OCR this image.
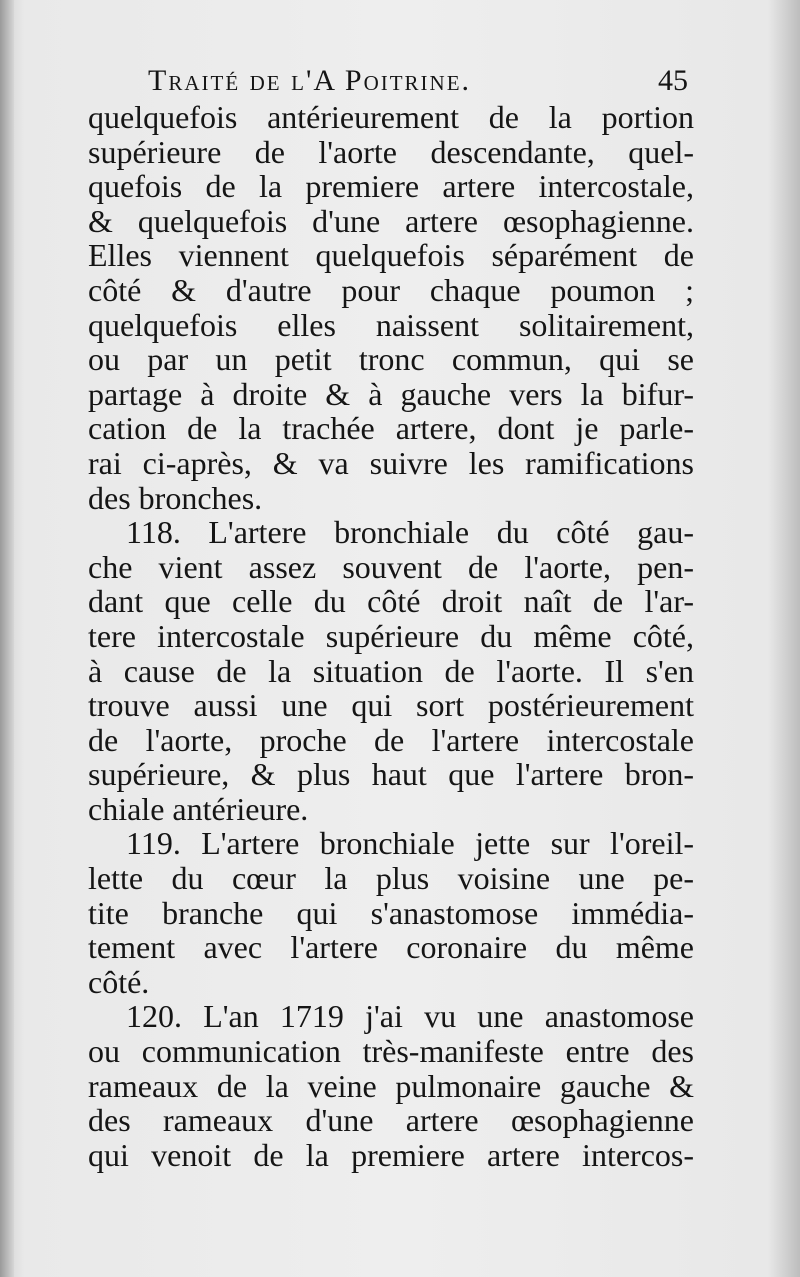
Traité de l'A Poitrine.	45
quelquefois antérieurement de la portion
supérieure de l'aorte descendante, quel-
quefois de la premiere artere intercostale,
& quelquefois d'une artere œsophagienne.
Elles viennent quelquefois séparément de
côté & d'autre pour chaque poumon ;
quelquefois elles naissent solitairement,
ou par un petit tronc commun, qui se
partage à droite & à gauche vers la bifur-
cation de la trachée artere, dont je parle-
rai ci-après, & va suivre les ramifications
des bronches.
118. L'artere bronchiale du côté gau-
che vient assez souvent de l'aorte, pen-
dant que celle du côté droit naît de l'ar-
tere intercostale supérieure du même côté,
à cause de la situation de l'aorte. Il s'en
trouve aussi une qui sort postérieurement
de l'aorte, proche de l'artere intercostale
supérieure, & plus haut que l'artere bron-
chiale antérieure.
119. L'artere bronchiale jette sur l'oreil-
lette du cœur la plus voisine une pe-
tite branche qui s'anastomose immédia-
tement avec l'artere coronaire du même
côté.
120. L'an 1719 j'ai vu une anastomose
ou communication très-manifeste entre des
rameaux de la veine pulmonaire gauche &
des rameaux d'une artere œsophagienne
qui venoit de la premiere artere intercos-
